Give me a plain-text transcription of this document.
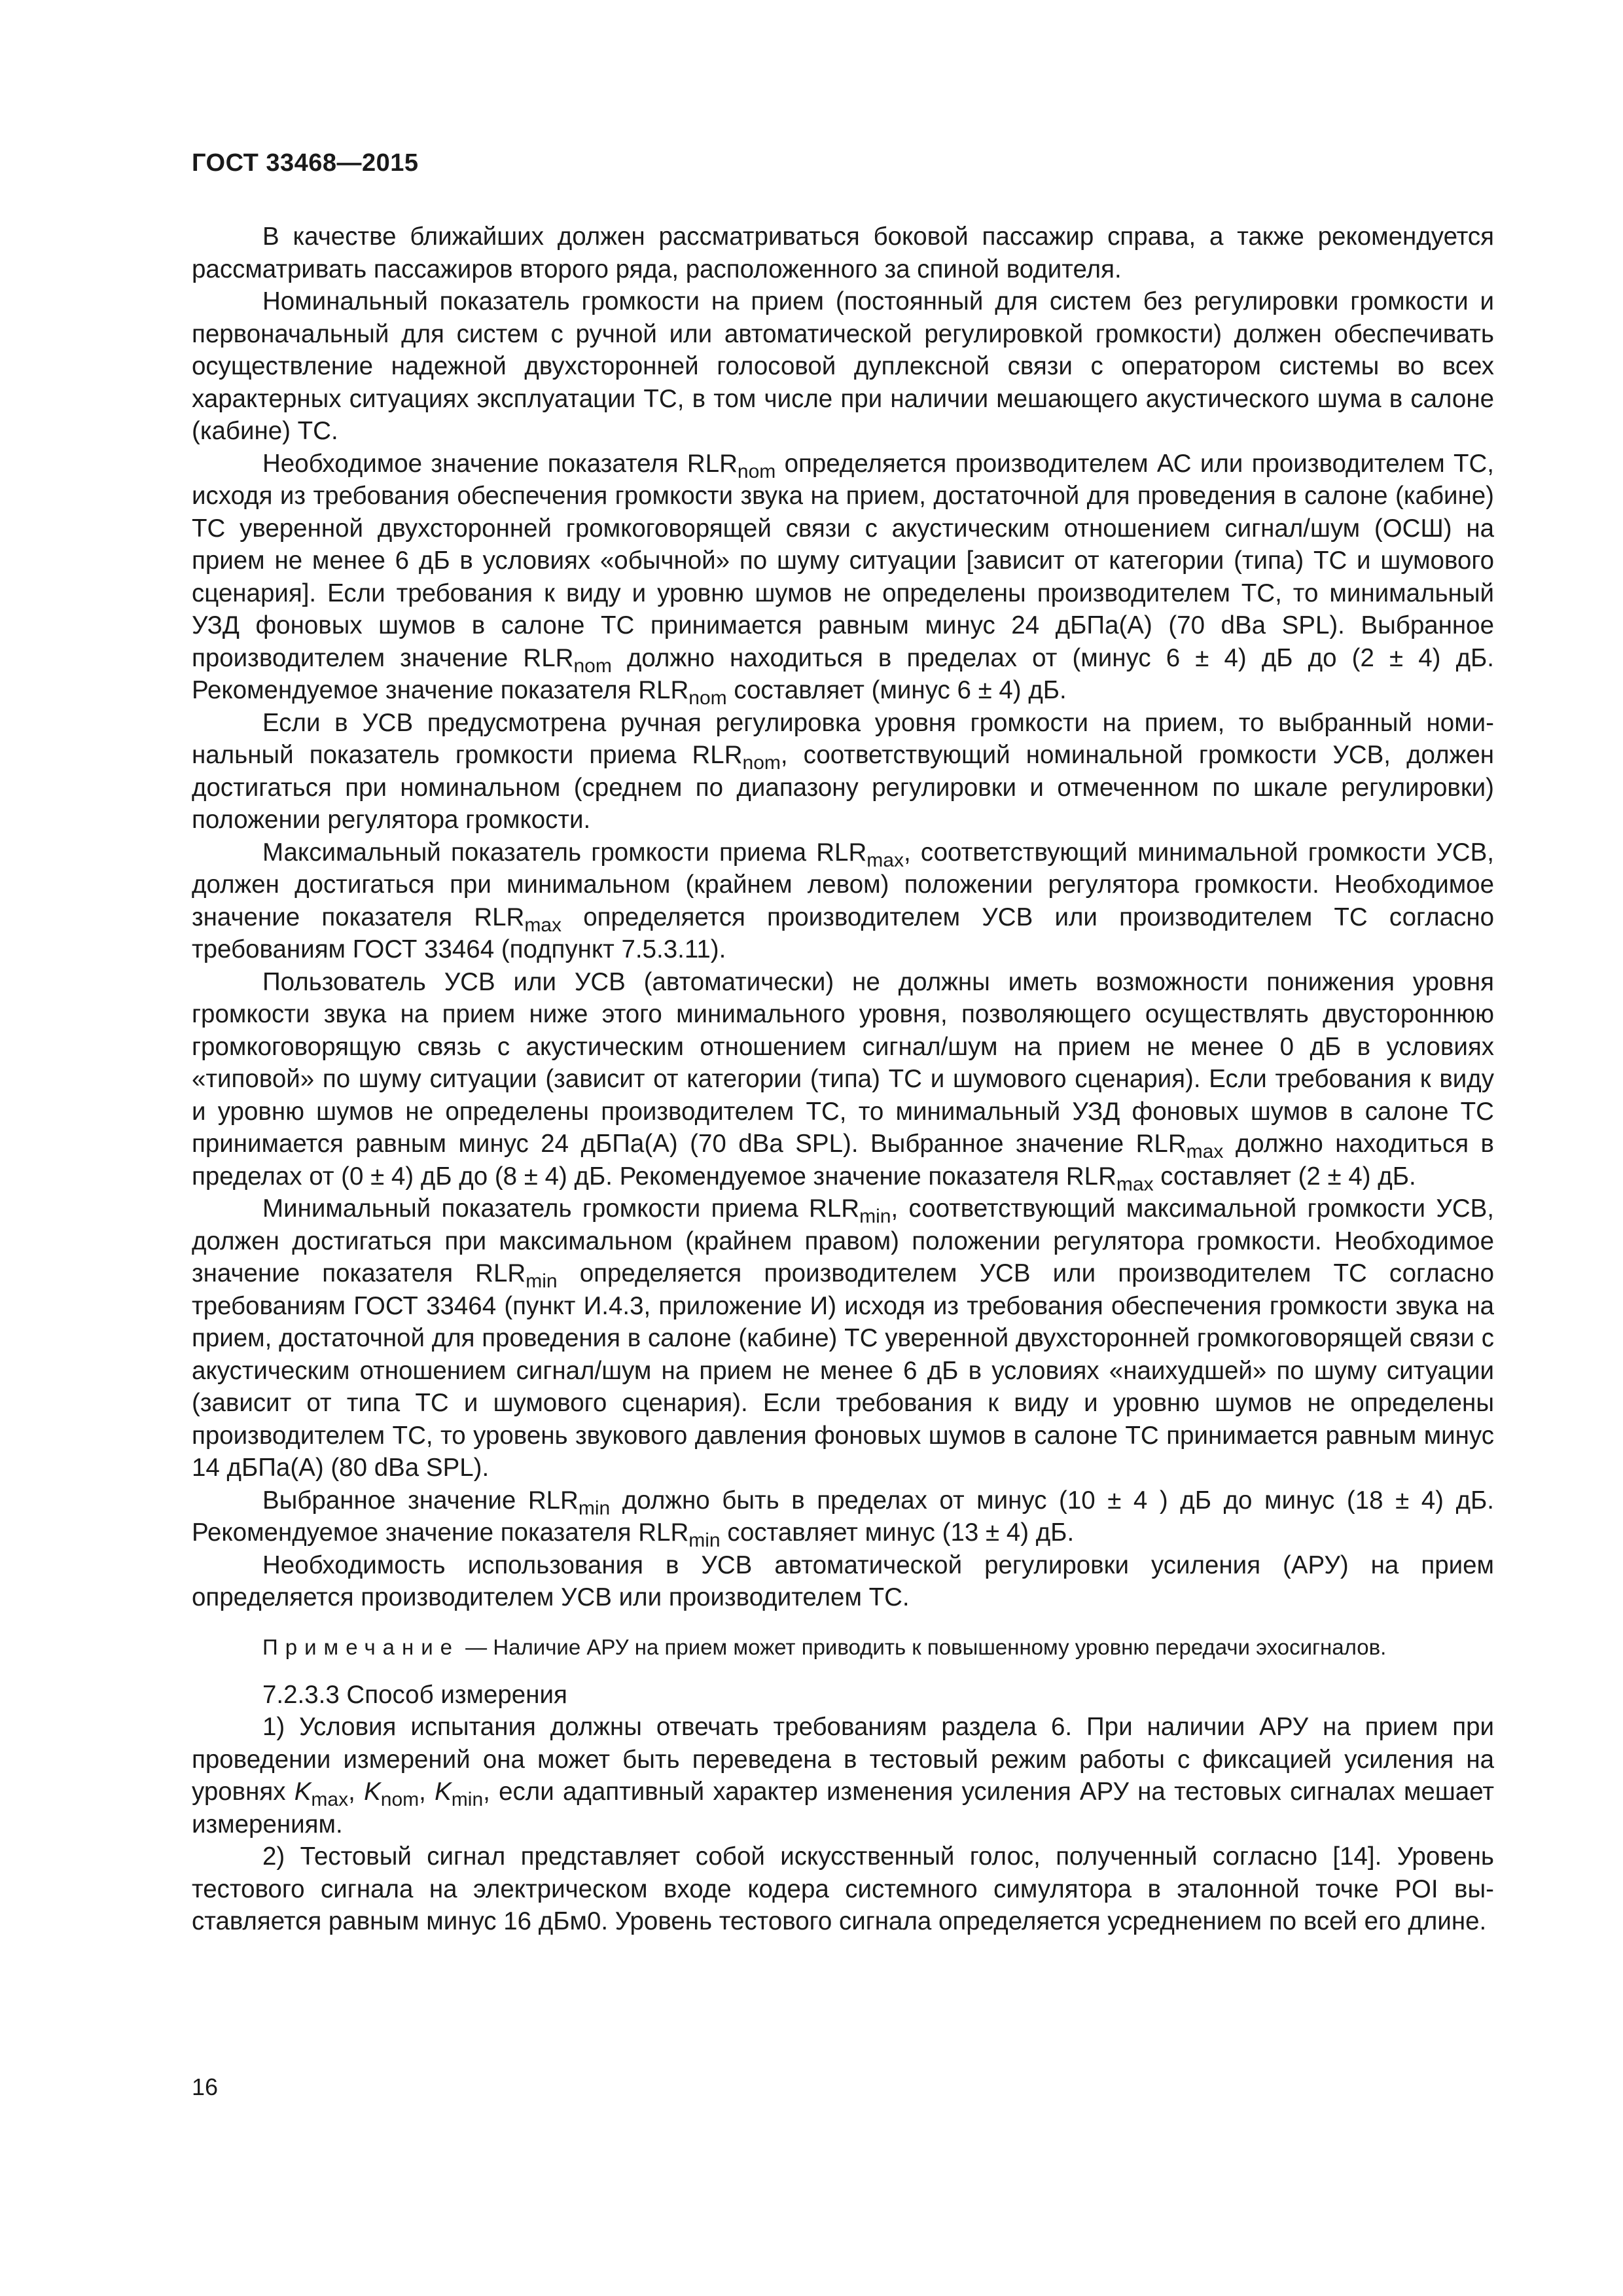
ГОСТ 33468—2015

В качестве ближайших должен рассматриваться боковой пассажир справа, а также рекомендуется рассматривать пассажиров второго ряда, расположенного за спиной водителя.

Номинальный показатель громкости на прием (постоянный для систем без регулировки громкости и первоначальный для систем с ручной или автоматической регулировкой громкости) должен обеспечивать осуществление надежной двухсторонней голосовой дуплексной связи с оператором системы во всех характерных ситуациях эксплуатации ТС, в том числе при наличии мешающего акустического шума в салоне (кабине) ТС.

Необходимое значение показателя $RLR_{nom}$ определяется производителем АС или производителем ТС, исходя из требования обеспечения громкости звука на прием, достаточной для проведения в салоне (кабине) ТС уверенной двухсторонней громкоговорящей связи с акустическим отношением сигнал/шум (ОСШ) на прием не менее 6 дБ в условиях «обычной» по шуму ситуации [зависит от категории (типа) ТС и шумового сценария]. Если требования к виду и уровню шумов не определены производителем ТС, то минимальный УЗД фоновых шумов в салоне ТС принимается равным минус 24 дБПа(А) (70 dBa SPL). Выбранное производителем значение $RLR_{nom}$ должно находиться в пределах от (минус 6 ± 4) дБ до (2 ± 4) дБ. Рекомендуемое значение показателя $RLR_{nom}$ составляет (минус 6 ± 4) дБ.

Если в УСВ предусмотрена ручная регулировка уровня громкости на прием, то выбранный номинальный показатель громкости приема $RLR_{nom}$, соответствующий номинальной громкости УСВ, должен достигаться при номинальном (среднем по диапазону регулировки и отмеченном по шкале регулировки) положении регулятора громкости.

Максимальный показатель громкости приема $RLR_{max}$, соответствующий минимальной громкости УСВ, должен достигаться при минимальном (крайнем левом) положении регулятора громкости. Необходимое значение показателя $RLR_{max}$ определяется производителем УСВ или производителем ТС согласно требованиям ГОСТ 33464 (подпункт 7.5.3.11).

Пользователь УСВ или УСВ (автоматически) не должны иметь возможности понижения уровня громкости звука на прием ниже этого минимального уровня, позволяющего осуществлять двустороннюю громкоговорящую связь с акустическим отношением сигнал/шум на прием не менее 0 дБ в условиях «типовой» по шуму ситуации (зависит от категории (типа) ТС и шумового сценария). Если требования к виду и уровню шумов не определены производителем ТС, то минимальный УЗД фоновых шумов в салоне ТС принимается равным минус 24 дБПа(А) (70 dBa SPL). Выбранное значение $RLR_{max}$ должно находиться в пределах от (0 ± 4) дБ до (8 ± 4) дБ. Рекомендуемое значение показателя $RLR_{max}$ составляет (2 ± 4) дБ.

Минимальный показатель громкости приема $RLR_{min}$, соответствующий максимальной громкости УСВ, должен достигаться при максимальном (крайнем правом) положении регулятора громкости. Необходимое значение показателя $RLR_{min}$ определяется производителем УСВ или производителем ТС согласно требованиям ГОСТ 33464 (пункт И.4.3, приложение И) исходя из требования обеспечения громкости звука на прием, достаточной для проведения в салоне (кабине) ТС уверенной двухсторонней громкоговорящей связи с акустическим отношением сигнал/шум на прием не менее 6 дБ в условиях «наихудшей» по шуму ситуации (зависит от типа ТС и шумового сценария). Если требования к виду и уровню шумов не определены производителем ТС, то уровень звукового давления фоновых шумов в салоне ТС принимается равным минус 14 дБПа(А) (80 dBa SPL).

Выбранное значение $RLR_{min}$ должно быть в пределах от минус (10 ± 4 ) дБ до минус (18 ± 4) дБ. Рекомендуемое значение показателя $RLR_{min}$ составляет минус (13 ± 4) дБ.

Необходимость использования в УСВ автоматической регулировки усиления (АРУ) на прием определяется производителем УСВ или производителем ТС.

Примечание — Наличие АРУ на прием может приводить к повышенному уровню передачи эхосигналов.

7.2.3.3 Способ измерения

1) Условия испытания должны отвечать требованиям раздела 6. При наличии АРУ на прием при проведении измерений она может быть переведена в тестовый режим работы с фиксацией усиления на уровнях $K_{max}$, $K_{nom}$, $K_{min}$, если адаптивный характер изменения усиления АРУ на тестовых сигналах мешает измерениям.

2) Тестовый сигнал представляет собой искусственный голос, полученный согласно [14]. Уровень тестового сигнала на электрическом входе кодера системного симулятора в эталонной точке POI выставляется равным минус 16 дБм0. Уровень тестового сигнала определяется усреднением по всей его длине.

16
